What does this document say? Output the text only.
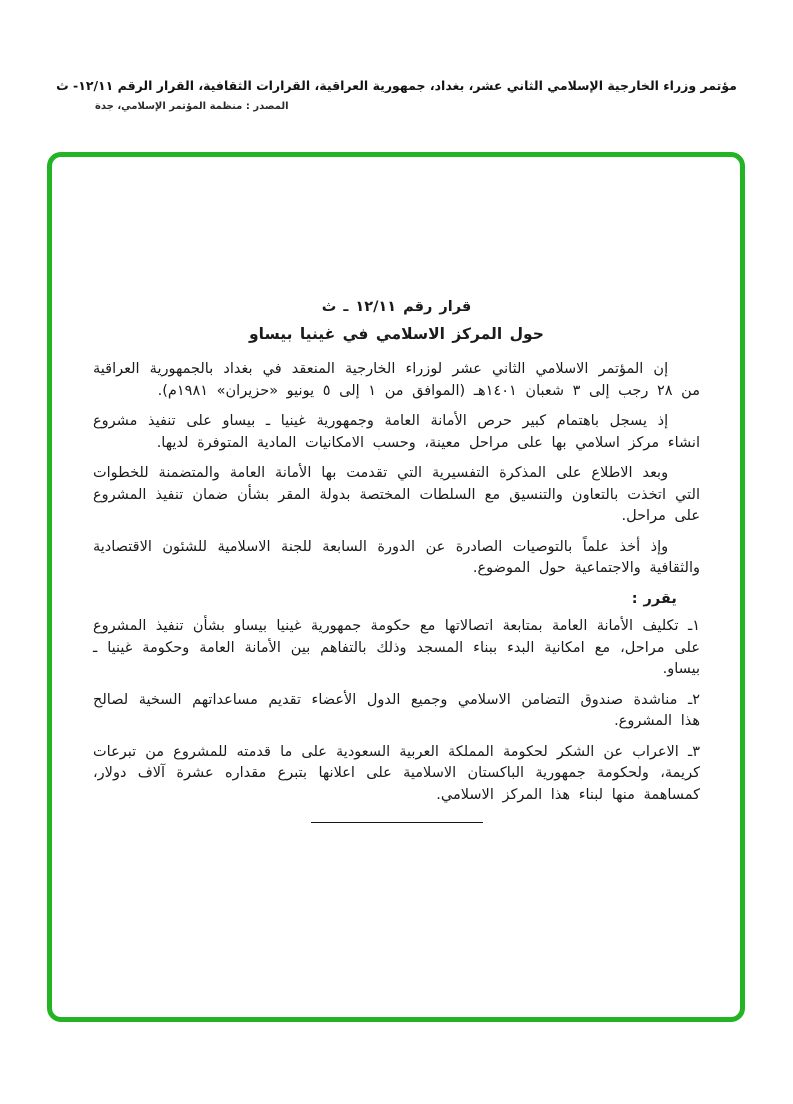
مؤتمر وزراء الخارجية الإسلامي الثاني عشر، بغداد، جمهورية العراقية، القرارات الثقافية، القرار الرقم ١٢/١١- ث
المصدر : منظمة المؤتمر الإسلامي، جدة
قرار رقم ١٢/١١ ـ ث
حول المركز الاسلامي في غينيا بيساو

إن المؤتمر الاسلامي الثاني عشر لوزراء الخارجية المنعقد في بغداد بالجمهورية العراقية من ٢٨ رجب إلى ٣ شعبان ١٤٠١هـ (الموافق من ١ إلى ٥ يونيو «حزيران» ١٩٨١م).

إذ يسجل باهتمام كبير حرص الأمانة العامة وجمهورية غينيا ـ بيساو على تنفيذ مشروع انشاء مركز اسلامي بها على مراحل معينة، وحسب الامكانيات المادية المتوفرة لديها.

وبعد الاطلاع على المذكرة التفسيرية التي تقدمت بها الأمانة العامة والمتضمنة للخطوات التي اتخذت بالتعاون والتنسيق مع السلطات المختصة بدولة المقر بشأن ضمان تنفيذ المشروع على مراحل.

وإذ أخذ علماً بالتوصيات الصادرة عن الدورة السابعة للجنة الاسلامية للشئون الاقتصادية والثقافية والاجتماعية حول الموضوع.

يقرر :

١ـ تكليف الأمانة العامة بمتابعة اتصالاتها مع حكومة جمهورية غينيا بيساو بشأن تنفيذ المشروع على مراحل، مع امكانية البدء ببناء المسجد وذلك بالتفاهم بين الأمانة العامة وحكومة غينيا ـ بيساو.
٢ـ مناشدة صندوق التضامن الاسلامي وجميع الدول الأعضاء تقديم مساعداتهم السخية لصالح هذا المشروع.
٣ـ الاعراب عن الشكر لحكومة المملكة العربية السعودية على ما قدمته للمشروع من تبرعات كريمة، ولحكومة جمهورية الباكستان الاسلامية على اعلانها بتبرع مقداره عشرة آلاف دولار، كمساهمة منها لبناء هذا المركز الاسلامي.
